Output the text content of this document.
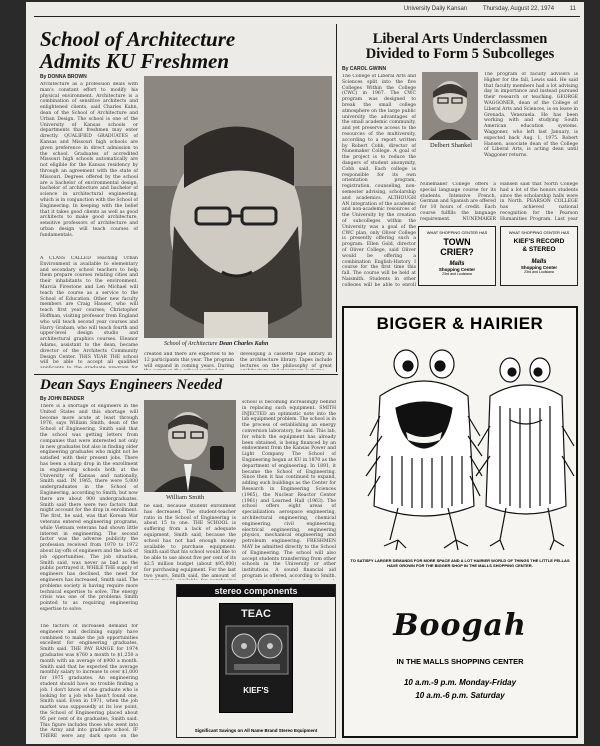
University Daily Kansan	Thursday, August 22, 1974	11
School of Architecture
Admits KU Freshmen
By DONNA BROWN
Architecture as a profession deals with man's constant effort to modify his physical environment. Architecture is a combination of sensitive architects and enlightened clients, said Charles Kahn, dean of the School of Architecture and Urban Design. The school is one of the University of Kansas schools or departments that freshmen may enter directly. QUALIFIED GRADUATES of Kansas and Missouri high schools are given preference in direct admission to the school. Graduates of accredited Missouri high schools automatically are not eligible for the Kansas residency by through an agreement with the state of Missouri. Degrees offered by the school are a bachelor of environmental design, bachelor of architecture and bachelor of science in architectural engineering, which is in conjunction with the School of Engineering. In keeping with the belief that it takes good clients as well as good architects to make good architecture, sensitive professors of architecture and urban design will teach courses of fundamentals.
A CLASS CALLED Teaching Urban Environment is available to elementary and secondary school teachers to help them prepare courses relating cities and their inhabitants to the environment. Marcia Firestone and Len Michael will teach the course as a service to the School of Education. Other new faculty members are Craig Hauser, who will teach first year courses; Christopher Hoffman, visiting professor from England who will teach second year courses and Harry Graham, who will teach fourth and upper-level design studio and architectural graphics courses. Eleanor Adams, assistant to the dean, became director of the Architects Community Design Center. THIS YEAR THE school will be able to accept all qualified
School of Architecture Dean Charles Kahn
created and there are expected to be 12 participants this year. The program will expand in coming years. During
developing a cassette tape library in the architecture library. Tapes include lectures on the philosophy of great
Liberal Arts Underclassmen
Divided to Form 5 Subcolleges
By CAROL GWINN
The College of Liberal Arts and Sciences split into the five Colleges Within the College (CWC) in 1967. The CWC program was designed to break the small college atmosphere on the large public university the advantages of the small academic community, and yet preserve access to the resources of the multiversity, according to a report written by Robert Cobb, director of Nunemaker College. A goal of the project is to reduce the dangers of student anonymity, Cobb said. Each college is responsible for its own orientation program, registration, counseling, non-semester advising, scholarship and academics. ALTHOUGH AN integration of the academic and non-academic resources of the University by the creation of subcolleges within the University was a goal of the CWC plan, only Oliver College is presently offering such a program. Ellen Gold, director of Oliver College, said Oliver would be offering a combination English-History I course for the first time this fall. The course will be held at Naismith. Students in other colleges will be able to enroll
Nunemaker College offers a special language course for its students. Intensive French, German and Spanish are offered for 10 hours of credit. Each course fulfills the language requirement. NUNEMAKER
Hansen said that North College had a lot of the honors students since the scholarship halls were in North. PEARSON COLLEGE has achieved national recognition for the Pearson Humanities Program. Last year
Delbert Shankel
The program of faculty advisers is Higher for the fall, Lewis said. He said that faculty members had a lot advising day in importance and instead pursued their research or teaching. GEORGE WAGGONER, dean of the College of Liberal Arts and Sciences, is on leave in Grenada, Venezuela. He has been working with and studying South American education systems. Waggoner, who left last January, is expected back Aug. 1, 1975. Robert Hansen, associate dean of the College of Liberal Arts, is acting dean until Waggoner returns.
WHAT SHOPPING CENTER HAS
TOWN
CRIER?
Malls
Shopping Center
23rd and Louisiana
WHAT SHOPPING CENTER HAS
KIEF'S RECORD
& STEREO
Malls
Shopping Center
23rd and Louisiana
Dean Says Engineers Needed
By JOHN BENDER
There is a shortage of engineers in the United States and this shortage will become more acute at least through 1976, says William Smith, dean of the School of Engineering. Smith said that the school was getting letters from companies that were interested not only in new graduates but also in finding older engineering graduates who might not be satisfied with their present jobs. There has been a sharp drop in the enrollment in engineering schools both at the University of Kansas and nationally, Smith said. IN 1965, there were 5,000 undergraduates in the School of Engineering, according to Smith, but now there are about 900 undergraduates. Smith said there were two factors that might account for the drop in enrollment. The first, he said, was that Korean War veterans entered engineering programs, while Vietnam veterans had shown little interest in engineering. The second factor was the adverse publicity the profession received from 1970 to 1972 about lay-offs of engineers and the lack of job opportunities. The job situation, Smith said, was never as bad as the public portrayed it. WHILE THE supply of engineers has declined, the need for engineers has increased, Smith said. The problems society is having require more technical expertise to solve. The energy crisis was one of the problems Smith pointed to as requiring engineering expertise to solve.
The factors of increased demand for engineers and declining supply have combined to make the job opportunities excellent for engineering graduates, Smith said. THE PAY RANGE for 1974 graduates was $760 a month to $1,250 a month with an average of $900 a month. Smith said that he expected the average monthly salary to increase to over $1,000 for 1975 graduates. An engineering student should have no trouble finding a job. I don't know of one graduate who is looking for a job who hasn't found one, Smith said. Even in 1971, when the job market was supposedly at its low point, the School of Engineering placed about 95 per cent of its graduates, Smith said. This figure includes those who went into the Army and into graduate school. IF THERE were any dark spots on the
William Smith
he said, because student enrollment has decreased. The student-teacher ratio in the School of Engineering is about 15 to one. THE SCHOOL is suffering from a lack of adequate equipment, Smith said, because the school has not had enough money available to purchase equipment. Smith said that his school would like to be able to use about five per cent of its $2.5 million budget (about $95,000) for purchasing equipment. For the last two years, Smith said, the amount of
school is becoming increasingly behind in replacing such equipment. SMITH INJECTED an optimistic note into the lab equipment problem. The school is in the process of establishing an energy conversion laboratory, he said. This lab, for which the equipment has already been obtained, is being financed by an endowment from the Kansas Power and Light Company. The School of Engineering began at KU in 1870 as the department of engineering. In 1891, it became the School of Engineering. Since then it has continued to expand, adding such buildings as the Center for Research in Engineering Sciences (1965), the Nuclear Reactor Center (1961) and Learned Hall (1963). The school offers eight areas of specialization: aerospace engineering, architectural engineering, chemical engineering, civil engineering, electrical engineering, engineering physics, mechanical engineering and petroleum engineering. FRESHMEN MAY be admitted directly to the School of Engineering. The school will also accept students transferring from other schools in the University or other institutions. A sound financial aid program is offered, according to Smith.
stereo components
TEAC
KIEF'S
Significant Savings on All Name Brand Stereo Equipment
BIGGER & HAIRIER
TO SATISFY LARGER DEMANDS FOR MORE SPACE AND A LOT HAIRIER WORLD OF THINGS THE LITTLE FELLAS HAVE GROWN FOR THE BIGGER SHOP IN THE MALLS SHOPPING CENTER.
Boogah
IN THE MALLS SHOPPING CENTER
10 a.m.-9 p.m. Monday-Friday
10 a.m.-6 p.m. Saturday
